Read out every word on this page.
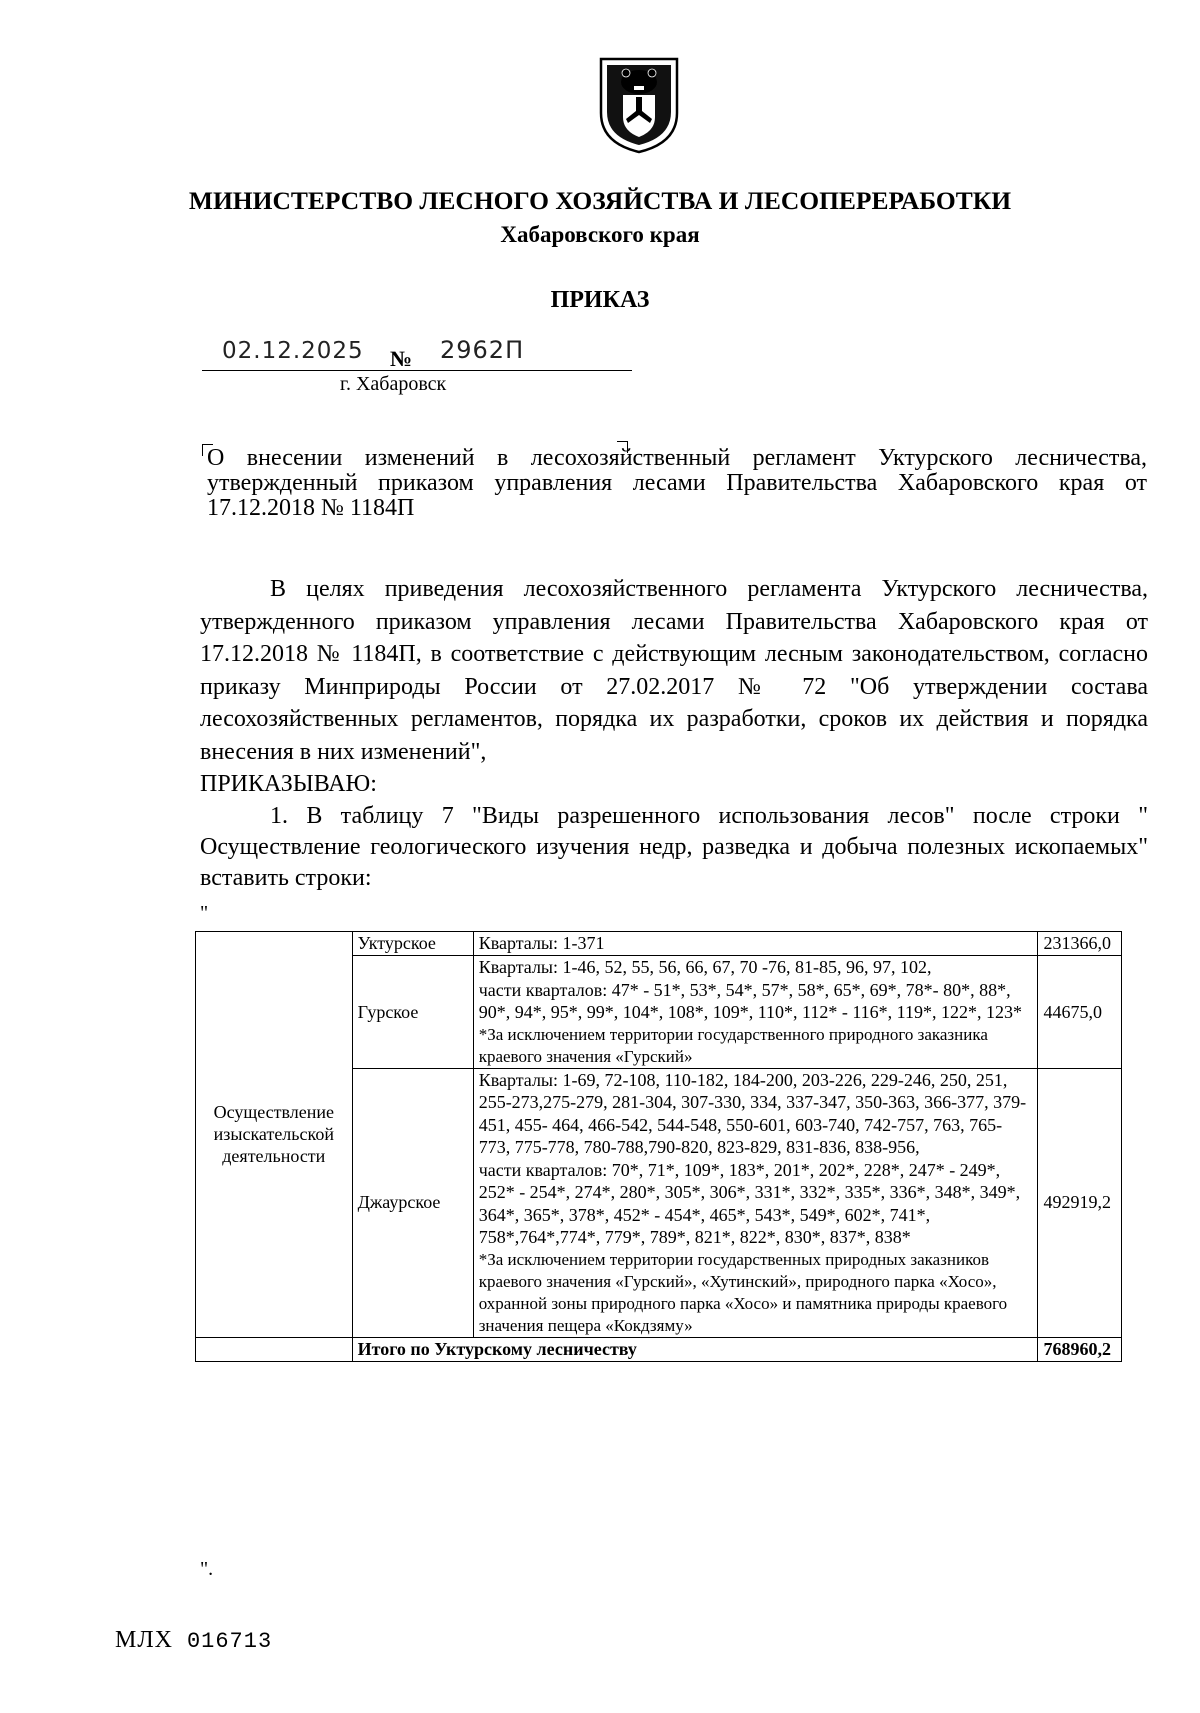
МИНИСТЕРСТВО ЛЕСНОГО ХОЗЯЙСТВА И ЛЕСОПЕРЕРАБОТКИ
Хабаровского края
ПРИКАЗ
02.12.2025 № 2962П
г. Хабаровск
О внесении изменений в лесохозяйственный регламент Уктурского лесничества, утвержденный приказом управления лесами Правительства Хабаровского края от 17.12.2018 № 1184П

В целях приведения лесохозяйственного регламента Уктурского лесничества, утвержденного приказом управления лесами Правительства Хабаровского края от 17.12.2018 № 1184П, в соответствие с действующим лесным законодательством, согласно приказу Минприроды России от 27.02.2017 № 72 "Об утверждении состава лесохозяйственных регламентов, порядка их разработки, сроков их действия и порядка внесения в них изменений",

ПРИКАЗЫВАЮ:

1. В таблицу 7 "Виды разрешенного использования лесов" после строки " Осуществление геологического изучения недр, разведка и добыча полезных ископаемых" вставить строки:

"
Осуществление изыскательской деятельности	Уктурское	Кварталы: 1-371	231366,0
	Гурское	Кварталы: 1-46, 52, 55, 56, 66, 67, 70 -76, 81-85, 96, 97, 102,
части кварталов: 47* - 51*, 53*, 54*, 57*, 58*, 65*, 69*, 78*- 80*, 88*, 90*, 94*, 95*, 99*, 104*, 108*, 109*, 110*, 112* - 116*, 119*, 122*, 123*
*За исключением территории государственного природного заказника краевого значения «Гурский»	44675,0
	Джаурское	Кварталы: 1-69, 72-108, 110-182, 184-200, 203-226, 229-246, 250, 251, 255-273,275-279, 281-304, 307-330, 334, 337-347, 350-363, 366-377, 379-451, 455- 464, 466-542, 544-548, 550-601, 603-740, 742-757, 763, 765-773, 775-778, 780-788,790-820, 823-829, 831-836, 838-956,
части кварталов: 70*, 71*, 109*, 183*, 201*, 202*, 228*, 247* - 249*, 252* - 254*, 274*, 280*, 305*, 306*, 331*, 332*, 335*, 336*, 348*, 349*, 364*, 365*, 378*, 452* - 454*, 465*, 543*, 549*, 602*, 741*, 758*,764*,774*, 779*, 789*, 821*, 822*, 830*, 837*, 838*
*За исключением территории государственных природных заказников краевого значения «Гурский», «Хутинский», природного парка «Хосо», охранной зоны природного парка «Хосо» и памятника природы краевого значения пещера «Кокдзяму»	492919,2
	Итого по Уктурскому лесничеству		768960,2
".
МЛХ 016713
